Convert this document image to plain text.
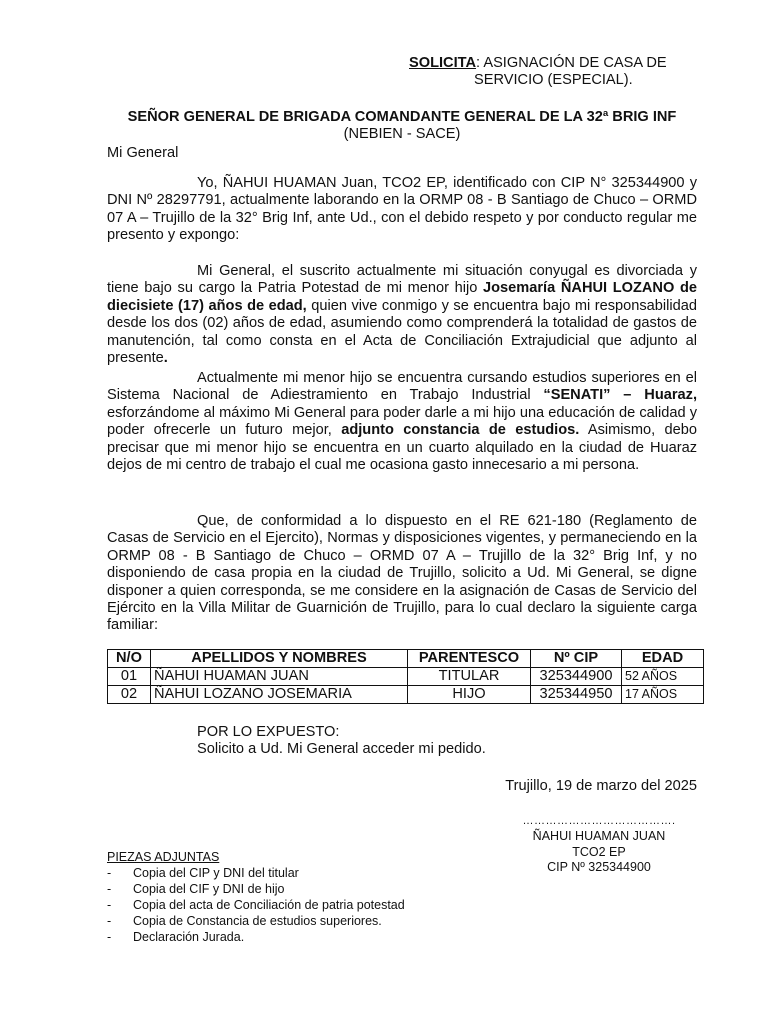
SOLICITA: ASIGNACIÓN DE CASA DE
SERVICIO (ESPECIAL).
SEÑOR GENERAL DE BRIGADA COMANDANTE GENERAL DE LA 32ª BRIG INF
(NEBIEN - SACE)
Mi General
Yo, ÑAHUI HUAMAN Juan, TCO2 EP, identificado con CIP N° 325344900 y DNI Nº 28297791, actualmente laborando en la ORMP 08 - B Santiago de Chuco – ORMD 07 A – Trujillo de la 32° Brig Inf, ante Ud., con el debido respeto y por conducto regular me presento y expongo:
Mi General, el suscrito actualmente mi situación conyugal es divorciada y tiene bajo su cargo la Patria Potestad de mi menor hijo Josemaría ÑAHUI LOZANO de diecisiete (17) años de edad, quien vive conmigo y se encuentra bajo mi responsabilidad desde los dos (02) años de edad, asumiendo como comprenderá la totalidad de gastos de manutención, tal como consta en el Acta de Conciliación Extrajudicial que adjunto al presente.
Actualmente mi menor hijo se encuentra cursando estudios superiores en el Sistema Nacional de Adiestramiento en Trabajo Industrial “SENATI” – Huaraz, esforzándome al máximo Mi General para poder darle a mi hijo una educación de calidad y poder ofrecerle un futuro mejor, adjunto constancia de estudios. Asimismo, debo precisar que mi menor hijo se encuentra en un cuarto alquilado en la ciudad de Huaraz dejos de mi centro de trabajo el cual me ocasiona gasto innecesario a mi persona.
Que, de conformidad a lo dispuesto en el RE 621-180 (Reglamento de Casas de Servicio en el Ejercito), Normas y disposiciones vigentes, y permaneciendo en la ORMP 08 - B Santiago de Chuco – ORMD 07 A – Trujillo de la 32° Brig Inf, y no disponiendo de casa propia en la ciudad de Trujillo, solicito a Ud. Mi General, se digne disponer a quien corresponda, se me considere en la asignación de Casas de Servicio del Ejército en la Villa Militar de Guarnición de Trujillo, para lo cual declaro la siguiente carga familiar:
N/O	APELLIDOS Y NOMBRES	PARENTESCO	Nº CIP	EDAD
01	ÑAHUI HUAMAN JUAN	TITULAR	325344900	52 AÑOS
02	ÑAHUI LOZANO JOSEMARIA	HIJO	325344950	17 AÑOS
POR LO EXPUESTO:
Solicito a Ud. Mi General acceder mi pedido.
Trujillo, 19 de marzo del 2025
………………………………….
ÑAHUI HUAMAN JUAN
TCO2 EP
CIP Nº 325344900
PIEZAS ADJUNTAS
- Copia del CIP y DNI del titular
- Copia del CIF y DNI de hijo
- Copia del acta de Conciliación de patria potestad
- Copia de Constancia de estudios superiores.
- Declaración Jurada.
